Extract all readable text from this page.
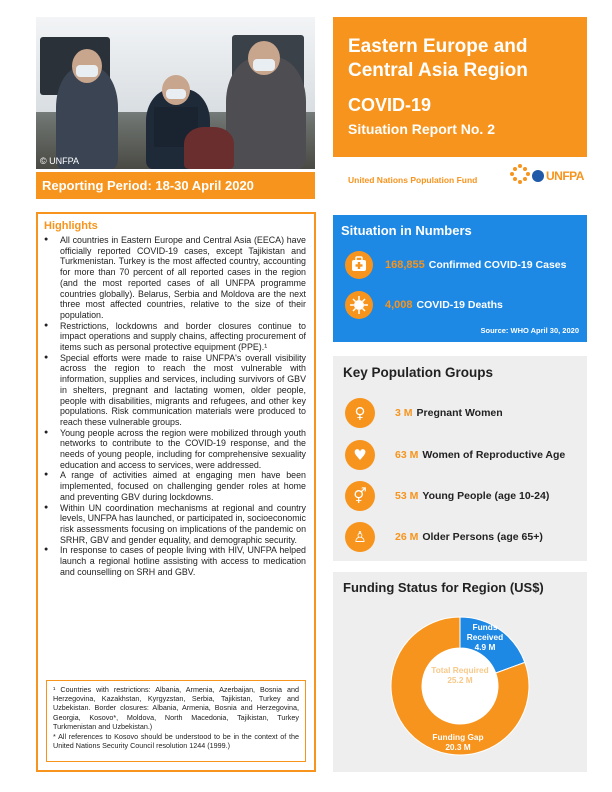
© UNFPA
Reporting Period: 18-30 April 2020
Eastern Europe and
Central Asia Region
COVID-19
Situation Report No. 2
United Nations Population Fund	UNFPA
Highlights
● All countries in Eastern Europe and Central Asia (EECA) have officially reported COVID-19 cases, except Tajikistan and Turkmenistan. Turkey is the most affected country, accounting for more than 70 percent of all reported cases in the region (and the most reported cases of all UNFPA programme countries globally). Belarus, Serbia and Moldova are the next three most affected countries, relative to the size of their population.
● Restrictions, lockdowns and border closures continue to impact operations and supply chains, affecting procurement of items such as personal protective equipment (PPE).¹
● Special efforts were made to raise UNFPA's overall visibility across the region to reach the most vulnerable with information, supplies and services, including survivors of GBV in shelters, pregnant and lactating women, older people, people with disabilities, migrants and refugees, and other key populations. Risk communication materials were produced to reach these vulnerable groups.
● Young people across the region were mobilized through youth networks to contribute to the COVID-19 response, and the needs of young people, including for comprehensive sexuality education and access to services, were addressed.
● A range of activities aimed at engaging men have been implemented, focused on challenging gender roles at home and preventing GBV during lockdowns.
● Within UN coordination mechanisms at regional and country levels, UNFPA has launched, or participated in, socioeconomic risk assessments focusing on implications of the pandemic on SRHR, GBV and gender equality, and demographic security.
● In response to cases of people living with HIV, UNFPA helped launch a regional hotline assisting with access to medication and counselling on SRH and GBV.

¹ Countries with restrictions: Albania, Armenia, Azerbaijan, Bosnia and Herzegovina, Kazakhstan, Kyrgyzstan, Serbia, Tajikistan, Turkey and Uzbekistan. Border closures: Albania, Armenia, Bosnia and Herzegovina, Georgia, Kosovo*, Moldova, North Macedonia, Tajikistan, Turkey Turkmenistan and Uzbekistan.)

* All references to Kosovo should be understood to be in the context of the United Nations Security Council resolution 1244 (1999.)

Situation in Numbers
168,855 Confirmed COVID-19 Cases
4,008 COVID-19 Deaths
Source: WHO April 30, 2020
Key Population Groups
♀	3 M Pregnant Women
♥	63 M Women of Reproductive Age
⚥	53 M Young People (age 10-24)
♙	26 M Older Persons (age 65+)
Funding Status for Region (US$)
Funds Received
4.9 M
Total Required
25.2 M
Funding Gap
20.3 M
